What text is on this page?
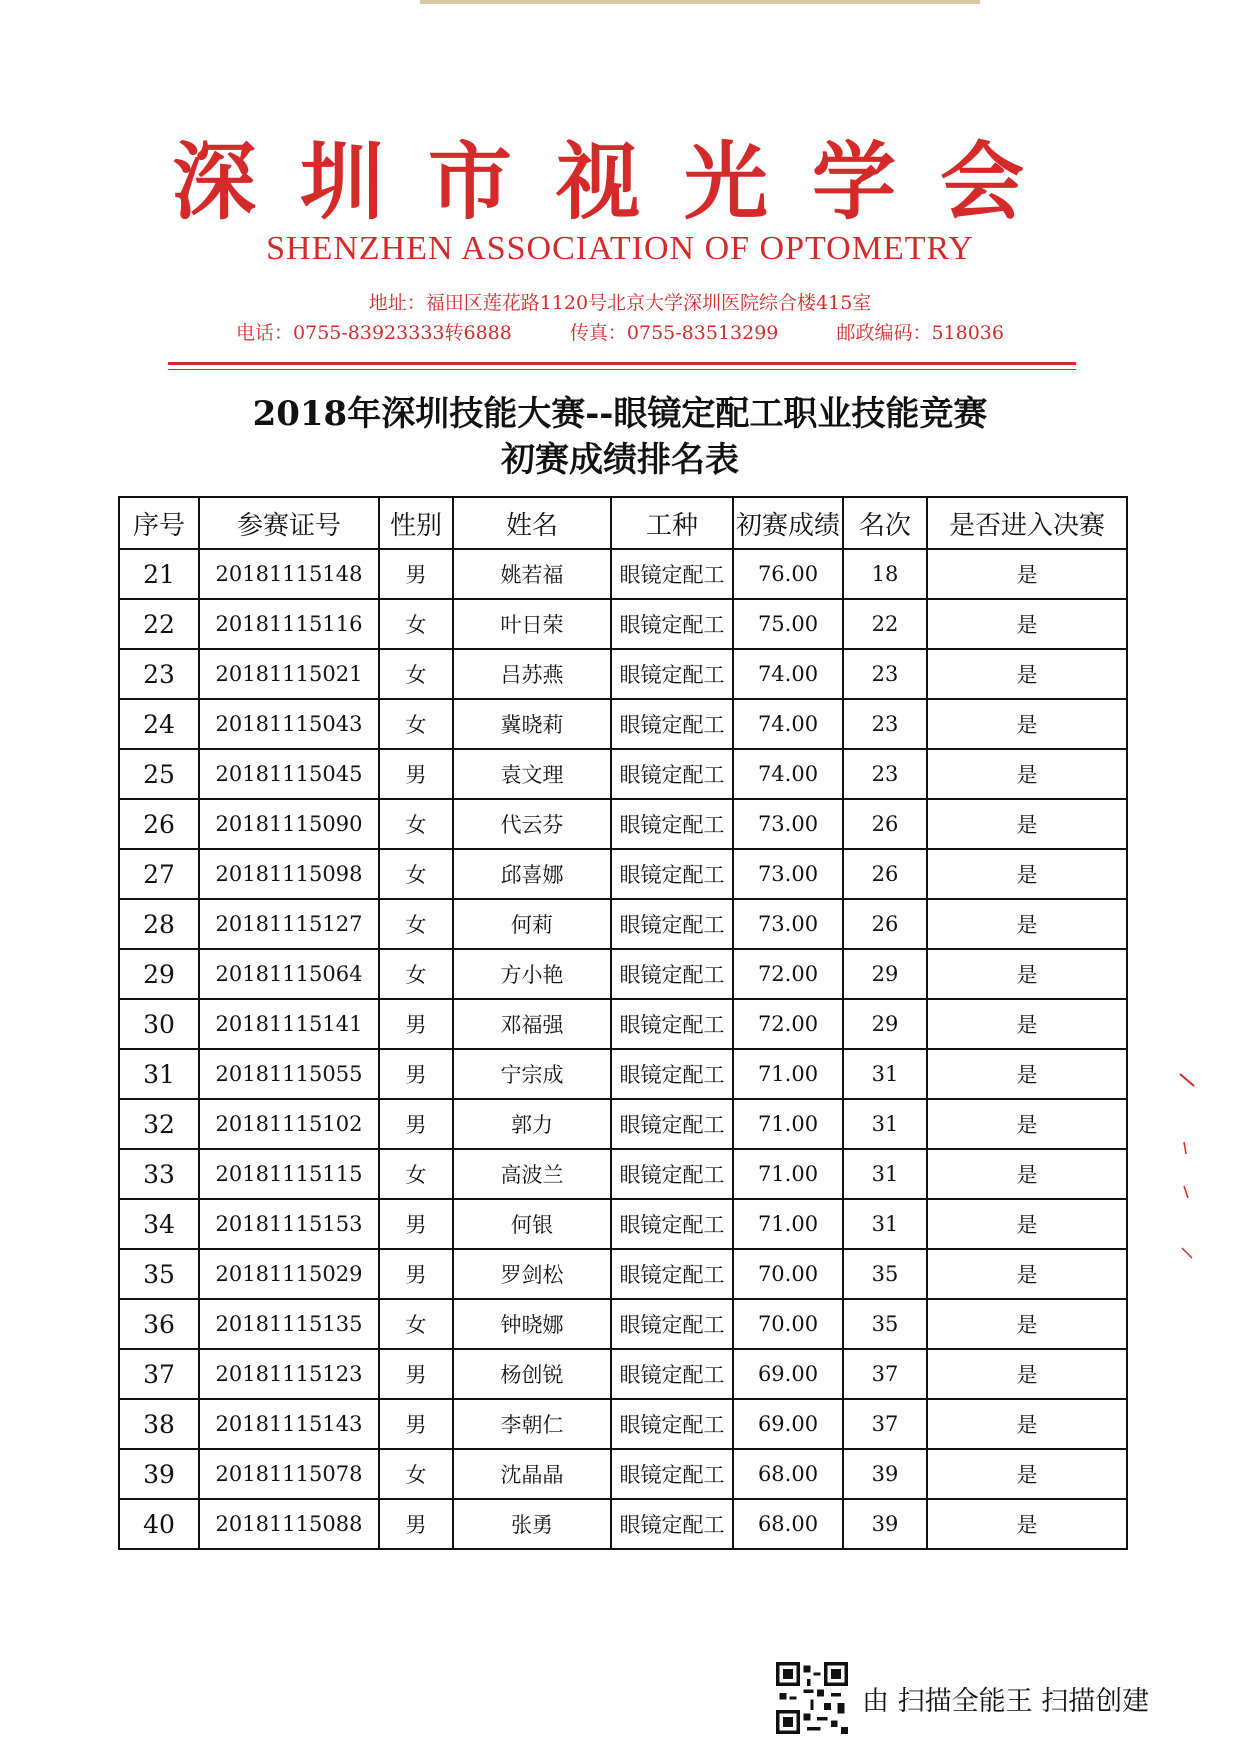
深圳市视光学会
SHENZHEN ASSOCIATION OF OPTOMETRY
地址：福田区莲花路1120号北京大学深圳医院综合楼415室
电话：0755-83923333转6888	传真：0755-83513299	邮政编码：518036
2018年深圳技能大赛--眼镜定配工职业技能竞赛
初赛成绩排名表
序号	参赛证号	性别	姓名	工种	初赛成绩	名次	是否进入决赛
21	20181115148	男	姚若福	眼镜定配工	76.00	18	是
22	20181115116	女	叶日荣	眼镜定配工	75.00	22	是
23	20181115021	女	吕苏燕	眼镜定配工	74.00	23	是
24	20181115043	女	冀晓莉	眼镜定配工	74.00	23	是
25	20181115045	男	袁文理	眼镜定配工	74.00	23	是
26	20181115090	女	代云芬	眼镜定配工	73.00	26	是
27	20181115098	女	邱喜娜	眼镜定配工	73.00	26	是
28	20181115127	女	何莉	眼镜定配工	73.00	26	是
29	20181115064	女	方小艳	眼镜定配工	72.00	29	是
30	20181115141	男	邓福强	眼镜定配工	72.00	29	是
31	20181115055	男	宁宗成	眼镜定配工	71.00	31	是
32	20181115102	男	郭力	眼镜定配工	71.00	31	是
33	20181115115	女	高波兰	眼镜定配工	71.00	31	是
34	20181115153	男	何银	眼镜定配工	71.00	31	是
35	20181115029	男	罗剑松	眼镜定配工	70.00	35	是
36	20181115135	女	钟晓娜	眼镜定配工	70.00	35	是
37	20181115123	男	杨创锐	眼镜定配工	69.00	37	是
38	20181115143	男	李朝仁	眼镜定配工	69.00	37	是
39	20181115078	女	沈晶晶	眼镜定配工	68.00	39	是
40	20181115088	男	张勇	眼镜定配工	68.00	39	是
由 扫描全能王 扫描创建
